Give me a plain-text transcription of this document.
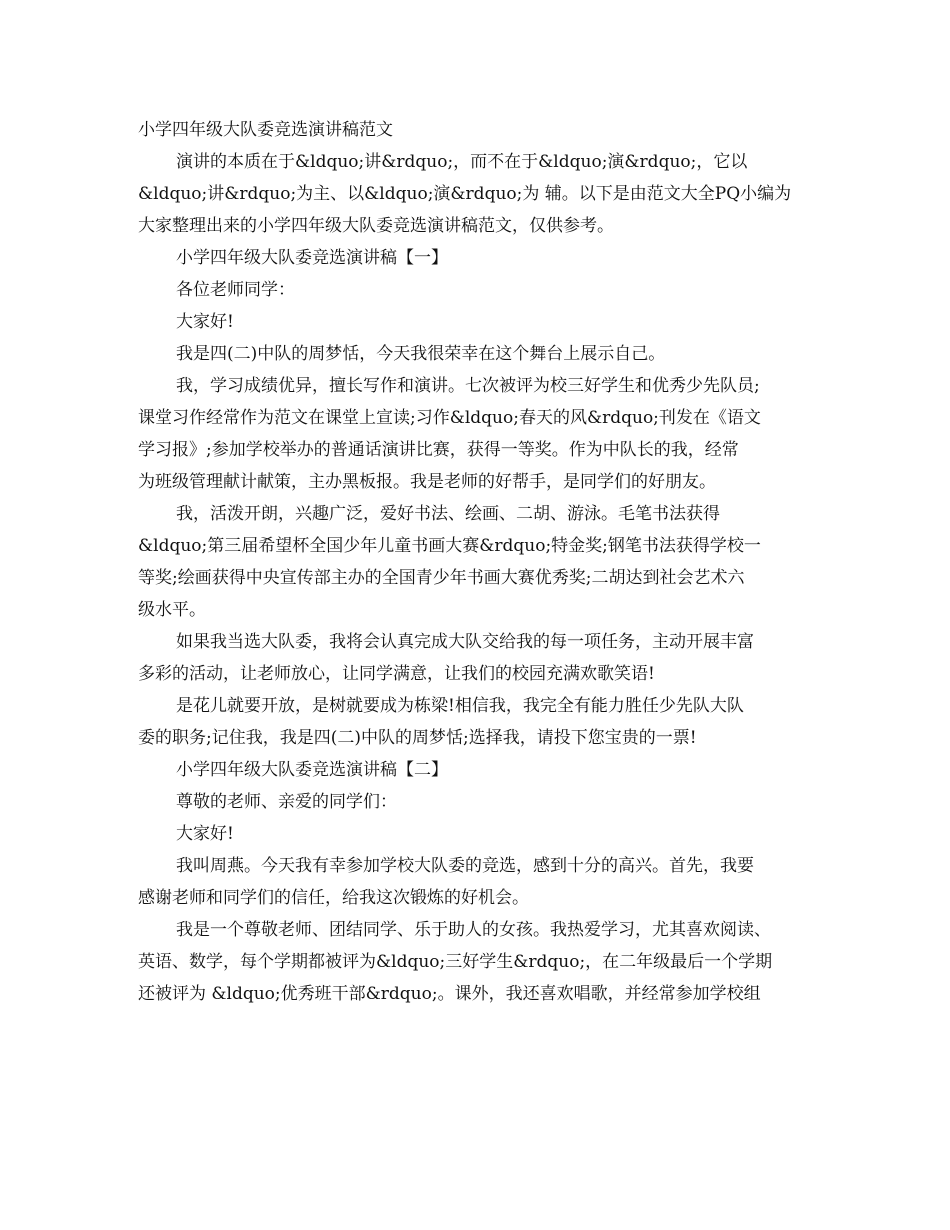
小学四年级大队委竞选演讲稿范文
演讲的本质在于&ldquo;讲&rdquo;，而不在于&ldquo;演&rdquo;，它以
&ldquo;讲&rdquo;为主、以&ldquo;演&rdquo;为 辅。以下是由范文大全PQ小编为
大家整理出来的小学四年级大队委竞选演讲稿范文，仅供参考。
小学四年级大队委竞选演讲稿【一】
各位老师同学：
大家好!
我是四(二)中队的周梦恬，今天我很荣幸在这个舞台上展示自己。
我，学习成绩优异，擅长写作和演讲。七次被评为校三好学生和优秀少先队员;
课堂习作经常作为范文在课堂上宣读;习作&ldquo;春天的风&rdquo;刊发在《语文
学习报》;参加学校举办的普通话演讲比赛，获得一等奖。作为中队长的我，经常
为班级管理献计献策，主办黑板报。我是老师的好帮手，是同学们的好朋友。
我，活泼开朗，兴趣广泛，爱好书法、绘画、二胡、游泳。毛笔书法获得
&ldquo;第三届希望杯全国少年儿童书画大赛&rdquo;特金奖;钢笔书法获得学校一
等奖;绘画获得中央宣传部主办的全国青少年书画大赛优秀奖;二胡达到社会艺术六
级水平。
如果我当选大队委，我将会认真完成大队交给我的每一项任务，主动开展丰富
多彩的活动，让老师放心，让同学满意，让我们的校园充满欢歌笑语!
是花儿就要开放，是树就要成为栋梁!相信我，我完全有能力胜任少先队大队
委的职务;记住我，我是四(二)中队的周梦恬;选择我，请投下您宝贵的一票!
小学四年级大队委竞选演讲稿【二】
尊敬的老师、亲爱的同学们：
大家好!
我叫周燕。今天我有幸参加学校大队委的竞选，感到十分的高兴。首先，我要
感谢老师和同学们的信任，给我这次锻炼的好机会。
我是一个尊敬老师、团结同学、乐于助人的女孩。我热爱学习，尤其喜欢阅读、
英语、数学，每个学期都被评为&ldquo;三好学生&rdquo;，在二年级最后一个学期
还被评为 &ldquo;优秀班干部&rdquo;。课外，我还喜欢唱歌，并经常参加学校组
